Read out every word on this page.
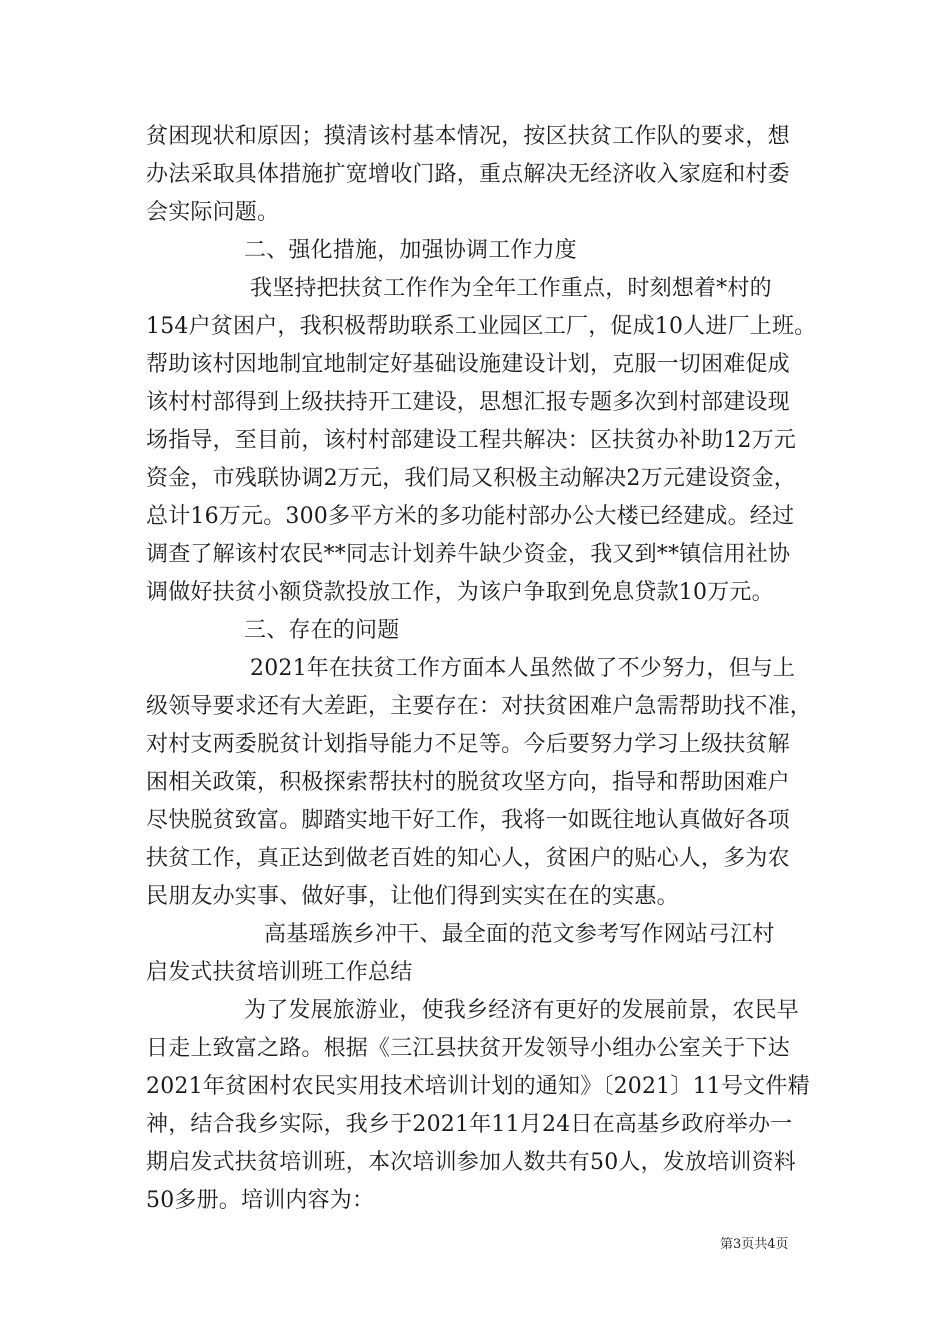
贫困现状和原因；摸清该村基本情况，按区扶贫工作队的要求，想
办法采取具体措施扩宽增收门路，重点解决无经济收入家庭和村委
会实际问题。
二、强化措施，加强协调工作力度
我坚持把扶贫工作作为全年工作重点，时刻想着*村的
154户贫困户，我积极帮助联系工业园区工厂，促成10人进厂上班。
帮助该村因地制宜地制定好基础设施建设计划，克服一切困难促成
该村村部得到上级扶持开工建设，思想汇报专题多次到村部建设现
场指导，至目前，该村村部建设工程共解决：区扶贫办补助12万元
资金，市残联协调2万元，我们局又积极主动解决2万元建设资金，
总计16万元。300多平方米的多功能村部办公大楼已经建成。经过
调查了解该村农民**同志计划养牛缺少资金，我又到**镇信用社协
调做好扶贫小额贷款投放工作，为该户争取到免息贷款10万元。
三、存在的问题
2021年在扶贫工作方面本人虽然做了不少努力，但与上
级领导要求还有大差距，主要存在：对扶贫困难户急需帮助找不准，
对村支两委脱贫计划指导能力不足等。今后要努力学习上级扶贫解
困相关政策，积极探索帮扶村的脱贫攻坚方向，指导和帮助困难户
尽快脱贫致富。脚踏实地干好工作，我将一如既往地认真做好各项
扶贫工作，真正达到做老百姓的知心人，贫困户的贴心人，多为农
民朋友办实事、做好事，让他们得到实实在在的实惠。
高基瑶族乡冲干、最全面的范文参考写作网站弓江村
启发式扶贫培训班工作总结
为了发展旅游业，使我乡经济有更好的发展前景，农民早
日走上致富之路。根据《三江县扶贫开发领导小组办公室关于下达
2021年贫困村农民实用技术培训计划的通知》〔2021〕11号文件精
神，结合我乡实际，我乡于2021年11月24日在高基乡政府举办一
期启发式扶贫培训班，本次培训参加人数共有50人，发放培训资料
50多册。培训内容为：
第3页共4页
